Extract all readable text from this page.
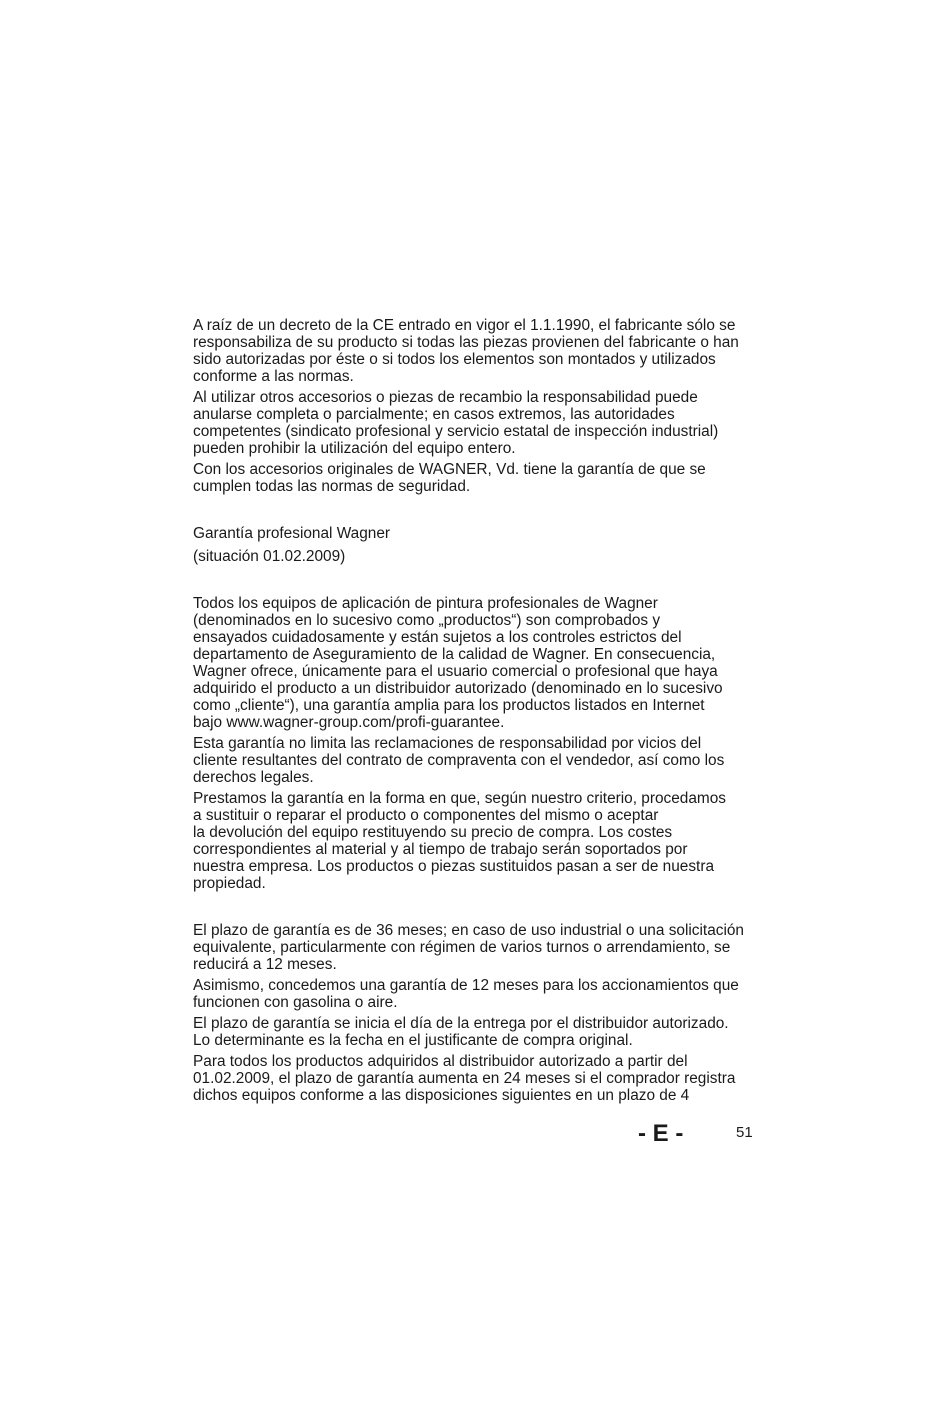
A raíz de un decreto de la CE entrado en vigor el 1.1.1990, el fabricante sólo se
responsabiliza de su producto si todas las piezas provienen del fabricante o han
sido autorizadas por éste o si todos los elementos son montados y utilizados
conforme a las normas.

Al utilizar otros accesorios o piezas de recambio la responsabilidad puede
anularse completa o parcialmente; en casos extremos, las autoridades
competentes (sindicato profesional y servicio estatal de inspección industrial)
pueden prohibir la utilización del equipo entero.

Con los accesorios originales de WAGNER, Vd. tiene la garantía de que se
cumplen todas las normas de seguridad.

Garantía profesional Wagner

(situación 01.02.2009)

Todos los equipos de aplicación de pintura profesionales de Wagner
(denominados en lo sucesivo como „productos“) son comprobados y
ensayados cuidadosamente y están sujetos a los controles estrictos del
departamento de Aseguramiento de la calidad de Wagner. En consecuencia,
Wagner ofrece, únicamente para el usuario comercial o profesional que haya
adquirido el producto a un distribuidor autorizado (denominado en lo sucesivo
como „cliente“), una garantía amplia para los productos listados en Internet
bajo www.wagner-group.com/profi-guarantee.

Esta garantía no limita las reclamaciones de responsabilidad por vicios del
cliente resultantes del contrato de compraventa con el vendedor, así como los
derechos legales.

Prestamos la garantía en la forma en que, según nuestro criterio, procedamos
a sustituir o reparar el producto o componentes del mismo o aceptar
la devolución del equipo restituyendo su precio de compra. Los costes
correspondientes al material y al tiempo de trabajo serán soportados por
nuestra empresa. Los productos o piezas sustituidos pasan a ser de nuestra
propiedad.

El plazo de garantía es de 36 meses; en caso de uso industrial o una solicitación
equivalente, particularmente con régimen de varios turnos o arrendamiento, se
reducirá a 12 meses.

Asimismo, concedemos una garantía de 12 meses para los accionamientos que
funcionen con gasolina o aire.

El plazo de garantía se inicia el día de la entrega por el distribuidor autorizado.
Lo determinante es la fecha en el justificante de compra original.

Para todos los productos adquiridos al distribuidor autorizado a partir del
01.02.2009, el plazo de garantía aumenta en 24 meses si el comprador registra
dichos equipos conforme a las disposiciones siguientes en un plazo de 4

- E -	51
